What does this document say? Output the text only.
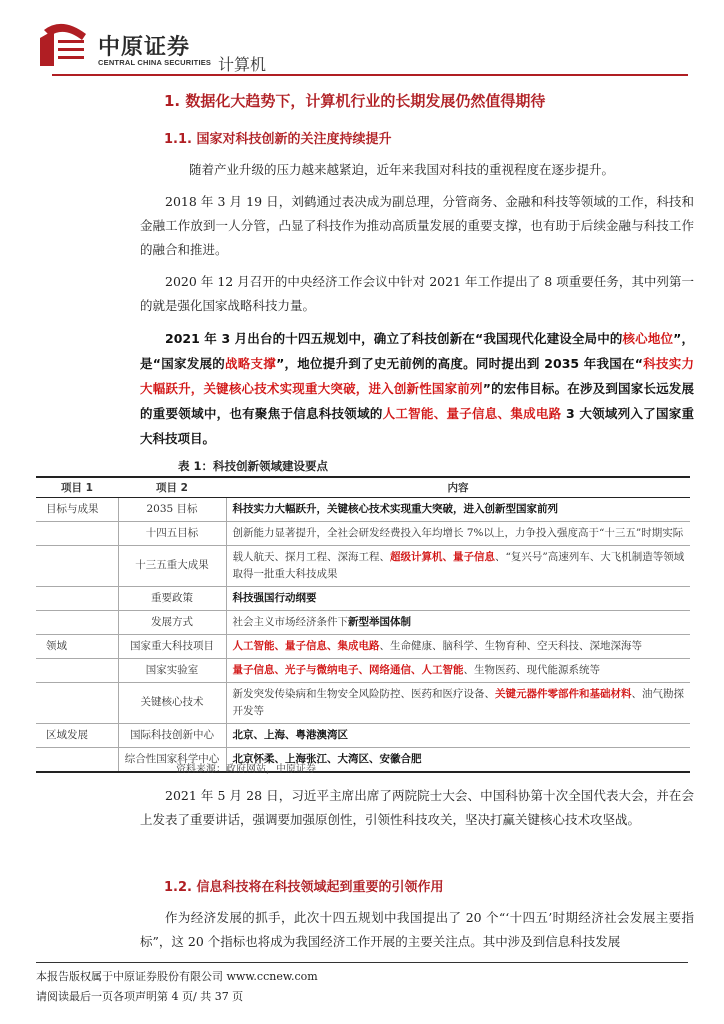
中原证券
CENTRAL CHINA SECURITIES 计算机
1. 数据化大趋势下，计算机行业的长期发展仍然值得期待
1.1. 国家对科技创新的关注度持续提升
随着产业升级的压力越来越紧迫，近年来我国对科技的重视程度在逐步提升。
2018 年 3 月 19 日，刘鹤通过表决成为副总理，分管商务、金融和科技等领域的工作，科技和金融工作放到一人分管，凸显了科技作为推动高质量发展的重要支撑，也有助于后续金融与科技工作的融合和推进。
2020 年 12 月召开的中央经济工作会议中针对 2021 年工作提出了 8 项重要任务，其中列第一的就是强化国家战略科技力量。
2021 年 3 月出台的十四五规划中，确立了科技创新在“我国现代化建设全局中的核心地位”，是“国家发展的战略支撑”，地位提升到了史无前例的高度。同时提出到 2035 年我国在“科技实力大幅跃升，关键核心技术实现重大突破，进入创新性国家前列”的宏伟目标。在涉及到国家长远发展的重要领域中，也有聚焦于信息科技领域的人工智能、量子信息、集成电路 3 大领域列入了国家重大科技项目。
表 1：科技创新领域建设要点
项目 1	项目 2	内容
目标与成果	2035 目标	科技实力大幅跃升，关键核心技术实现重大突破，进入创新型国家前列
	十四五目标	创新能力显著提升，全社会研发经费投入年均增长 7%以上，力争投入强度高于“十三五”时期实际
	十三五重大成果	载人航天、探月工程、深海工程、超级计算机、量子信息、“复兴号”高速列车、大飞机制造等领域取得一批重大科技成果
	重要政策	科技强国行动纲要
	发展方式	社会主义市场经济条件下新型举国体制
领域	国家重大科技项目	人工智能、量子信息、集成电路、生命健康、脑科学、生物育种、空天科技、深地深海等
	国家实验室	量子信息、光子与微纳电子、网络通信、人工智能、生物医药、现代能源系统等
	关键核心技术	新发突发传染病和生物安全风险防控、医药和医疗设备、关键元器件零部件和基础材料、油气勘探开发等
区域发展	国际科技创新中心	北京、上海、粤港澳湾区
	综合性国家科学中心	北京怀柔、上海张江、大湾区、安徽合肥
资料来源：政府网站，中原证券
2021 年 5 月 28 日，习近平主席出席了两院院士大会、中国科协第十次全国代表大会，并在会上发表了重要讲话，强调要加强原创性，引领性科技攻关，坚决打赢关键核心技术攻坚战。
1.2. 信息科技将在科技领域起到重要的引领作用
作为经济发展的抓手，此次十四五规划中我国提出了 20 个“‘十四五’时期经济社会发展主要指标”，这 20 个指标也将成为我国经济工作开展的主要关注点。其中涉及到信息科技发展
本报告版权属于中原证券股份有限公司 www.ccnew.com
请阅读最后一页各项声明第 4 页/ 共 37 页
